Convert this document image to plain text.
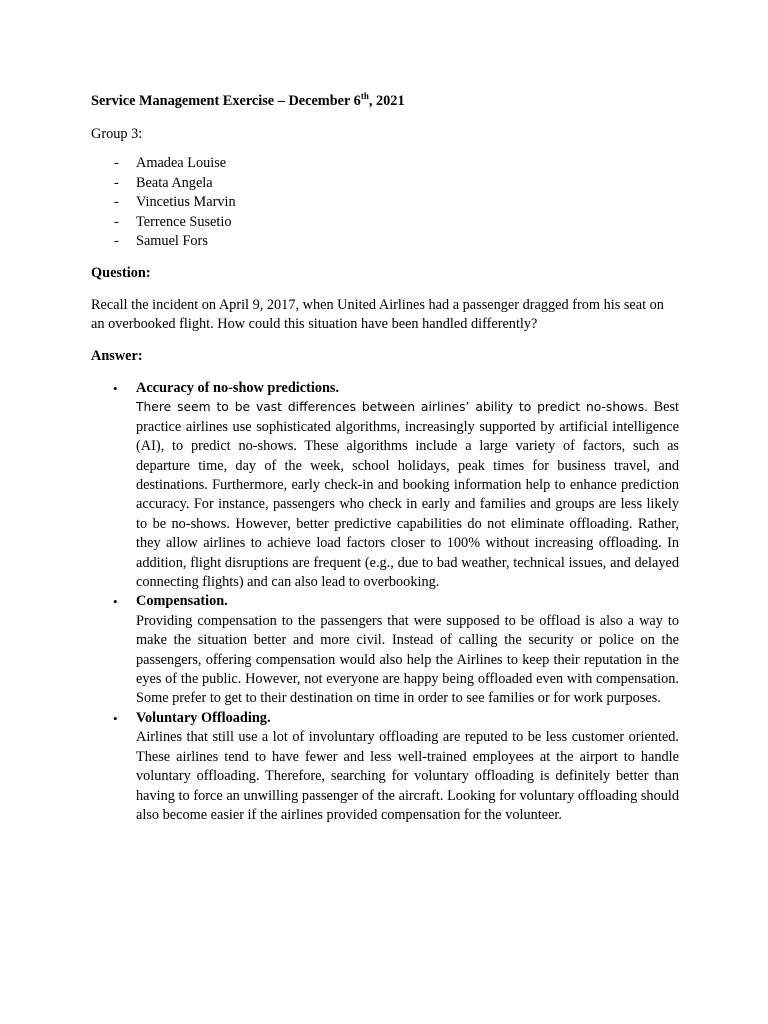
Service Management Exercise – December 6th, 2021
Group 3:
- Amadea Louise
- Beata Angela
- Vincetius Marvin
- Terrence Susetio
- Samuel Fors
Question:
Recall the incident on April 9, 2017, when United Airlines had a passenger dragged from his seat on an overbooked flight. How could this situation have been handled differently?
Answer:
• Accuracy of no-show predictions.
There seem to be vast differences between airlines’ ability to predict no-shows. Best practice airlines use sophisticated algorithms, increasingly supported by artificial intelligence (AI), to predict no-shows. These algorithms include a large variety of factors, such as departure time, day of the week, school holidays, peak times for business travel, and destinations. Furthermore, early check-in and booking information help to enhance prediction accuracy. For instance, passengers who check in early and families and groups are less likely to be no-shows. However, better predictive capabilities do not eliminate offloading. Rather, they allow airlines to achieve load factors closer to 100% without increasing offloading. In addition, flight disruptions are frequent (e.g., due to bad weather, technical issues, and delayed connecting flights) and can also lead to overbooking.
• Compensation.
Providing compensation to the passengers that were supposed to be offload is also a way to make the situation better and more civil. Instead of calling the security or police on the passengers, offering compensation would also help the Airlines to keep their reputation in the eyes of the public. However, not everyone are happy being offloaded even with compensation. Some prefer to get to their destination on time in order to see families or for work purposes.
• Voluntary Offloading.
Airlines that still use a lot of involuntary offloading are reputed to be less customer oriented. These airlines tend to have fewer and less well-trained employees at the airport to handle voluntary offloading. Therefore, searching for voluntary offloading is definitely better than having to force an unwilling passenger of the aircraft. Looking for voluntary offloading should also become easier if the airlines provided compensation for the volunteer.
